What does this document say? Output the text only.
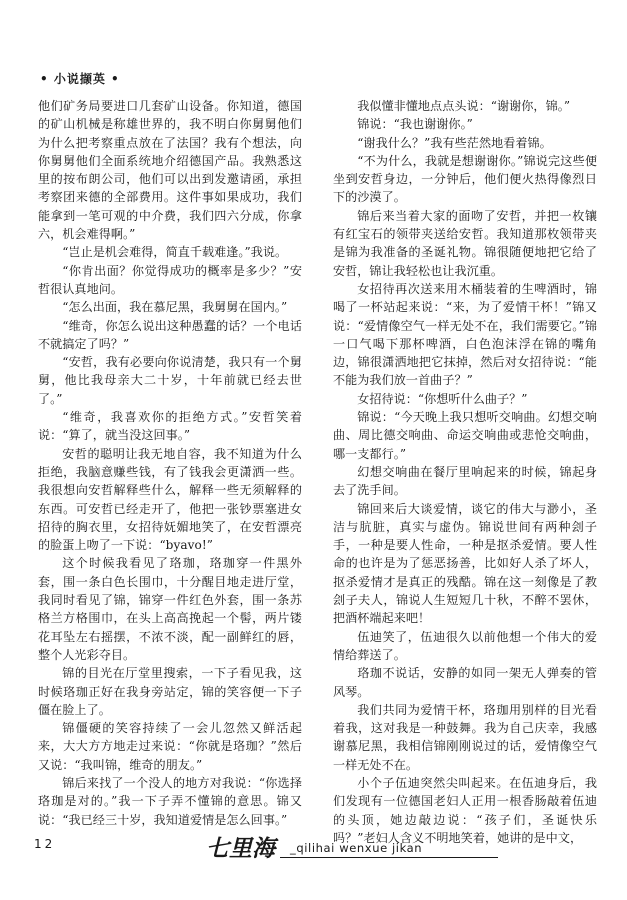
• 小说撷英 •

他们矿务局要进口几套矿山设备。你知道，德国的矿山机械是称雄世界的，我不明白你舅舅他们为什么把考察重点放在了法国？我有个想法，向你舅舅他们全面系统地介绍德国产品。我熟悉这里的按布朗公司，他们可以出到发邀请函，承担考察团来德的全部费用。这件事如果成功，我们能拿到一笔可观的中介费，我们四六分成，你拿六，机会难得啊。”

“岂止是机会难得，简直千载难逢。”我说。

“你肯出面？你觉得成功的概率是多少？”安哲很认真地问。

“怎么出面，我在慕尼黑，我舅舅在国内。”

“维奇，你怎么说出这种愚蠢的话？一个电话不就搞定了吗？”

“安哲，我有必要向你说清楚，我只有一个舅舅，他比我母亲大二十岁，十年前就已经去世了。”

“维奇，我喜欢你的拒绝方式。”安哲笑着说：“算了，就当没这回事。”

安哲的聪明让我无地自容，我不知道为什么拒绝，我脑意赚些钱，有了钱我会更潇洒一些。我很想向安哲解释些什么，解释一些无须解释的东西。可安哲已经走开了，他把一张钞票塞进女招待的胸衣里，女招待妩媚地笑了，在安哲漂亮的脸蛋上吻了一下说：“byavo!”

这个时候我看见了珞珈，珞珈穿一件黑外套，围一条白色长围巾，十分醒目地走进厅堂，我同时看见了锦，锦穿一件红色外套，围一条苏格兰方格围巾，在头上高高挽起一个髻，两片镂花耳坠左右摇摆，不浓不淡，配一副鲜红的唇，整个人光彩夺目。

锦的目光在厅堂里搜索，一下子看见我，这时候珞珈正好在我身旁站定，锦的笑容便一下子僵在脸上了。

锦僵硬的笑容持续了一会儿忽然又鲜活起来，大大方方地走过来说：“你就是珞珈？”然后又说：“我叫锦，维奇的朋友。”

锦后来找了一个没人的地方对我说：“你选择珞珈是对的。”我一下子弄不懂锦的意思。锦又说：“我已经三十岁，我知道爱情是怎么回事。”

我似懂非懂地点点头说：“谢谢你，锦。”

锦说：“我也谢谢你。”

“谢我什么？”我有些茫然地看着锦。

“不为什么，我就是想谢谢你。”锦说完这些便坐到安哲身边，一分钟后，他们便火热得像烈日下的沙漠了。

锦后来当着大家的面吻了安哲，并把一枚镶有红宝石的领带夹送给安哲。我知道那枚领带夹是锦为我准备的圣诞礼物。锦很随便地把它给了安哲，锦让我轻松也让我沉重。

女招待再次送来用木桶装着的生啤酒时，锦喝了一杯站起来说：“来，为了爱情干杯！”锦又说：“爱情像空气一样无处不在，我们需要它。”锦一口气喝下那杯啤酒，白色泡沫浮在锦的嘴角边，锦很潇洒地把它抹掉，然后对女招待说：“能不能为我们放一首曲子？”

女招待说：“你想听什么曲子？”

锦说：“今天晚上我只想听交响曲。幻想交响曲、周比德交响曲、命运交响曲或悲怆交响曲，哪一支都行。”

幻想交响曲在餐厅里响起来的时候，锦起身去了洗手间。

锦回来后大谈爱情，谈它的伟大与渺小，圣洁与肮脏，真实与虚伪。锦说世间有两种刽子手，一种是要人性命，一种是抠杀爱情。要人性命的也许是为了惩恶扬善，比如好人杀了坏人，抠杀爱情才是真正的残酷。锦在这一刻像是了教刽子夫人，锦说人生短短几十秋，不醉不罢休，把酒杯端起来吧！

伍迪笑了，伍迪很久以前他想一个伟大的爱情给葬送了。

珞珈不说话，安静的如同一架无人弹奏的管风琴。

我们共同为爱情干杯，珞珈用别样的目光看着我，这对我是一种鼓舞。我为自己庆幸，我感谢慕尼黑，我相信锦刚刚说过的话，爱情像空气一样无处不在。

小个子伍迪突然尖叫起来。在伍迪身后，我们发现有一位德国老妇人正用一根香肠敲着伍迪的头顶，她边敲边说：“孩子们，圣诞快乐吗？”老妇人含义不明地笑着，她讲的是中文，

12	七里海 _qilihai wenxue jikan
